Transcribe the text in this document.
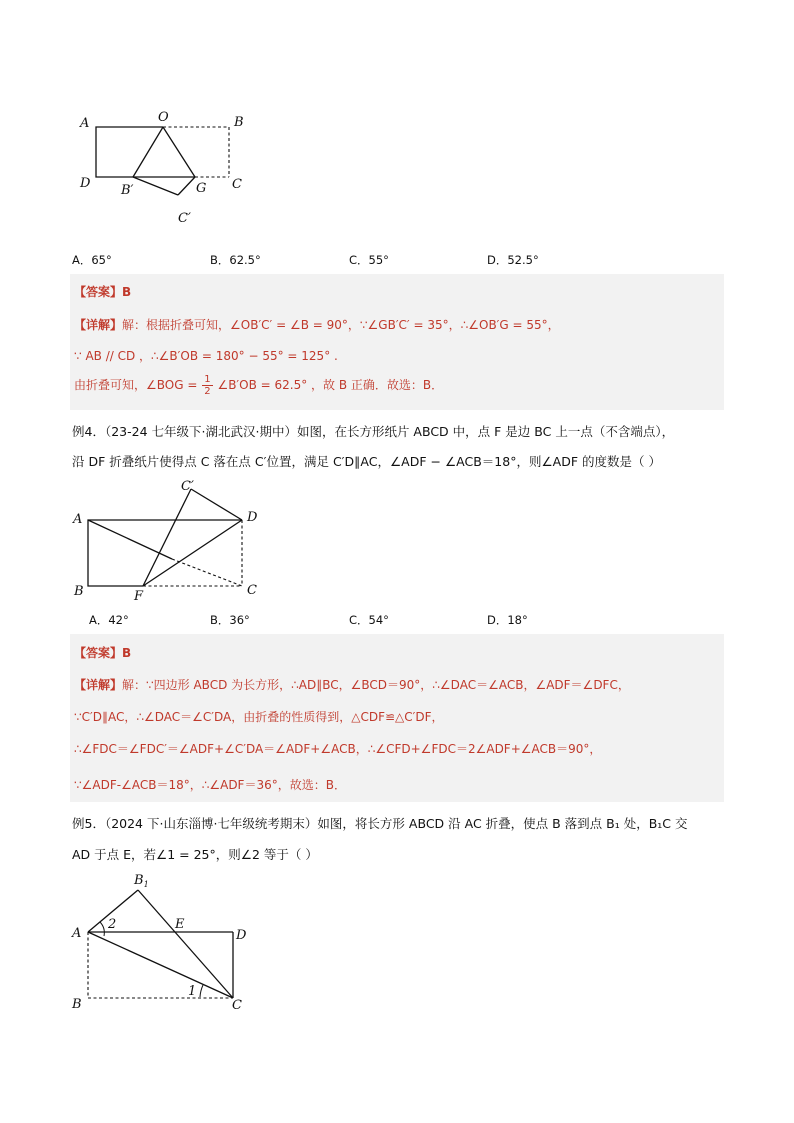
A	O	B
D B′	G C
C′
A．65°	B．62.5°	C．55°	D．52.5°
【答案】B
【详解】解：根据折叠可知，∠OB′C′ = ∠B = 90°，∵∠GB′C′ = 35°，∴∠OB′G = 55°，
∵ AB // CD ，∴∠B′OB = 180° − 55° = 125° .
由折叠可知，∠BOG = $\frac{1}{2}$ ∠B′OB = 62.5° ，故 B 正确．故选：B．
例4．（23-24 七年级下·湖北武汉·期中）如图，在长方形纸片 ABCD 中，点 F 是边 BC 上一点（不含端点），
沿 DF 折叠纸片使得点 C 落在点 C′位置，满足 C′D∥AC，∠ADF − ∠ACB＝18°，则∠ADF 的度数是（ ）
A	D
C′
B	F	C
A．42°	B．36°	C．54°	D．18°
【答案】B
【详解】解：∵四边形 ABCD 为长方形，∴AD∥BC，∠BCD＝90°，∴∠DAC＝∠ACB，∠ADF＝∠DFC，
∵C′D∥AC，∴∠DAC＝∠C′DA，由折叠的性质得到，△CDF≌△C′DF，
∴∠FDC＝∠FDC′＝∠ADF+∠C′DA＝∠ADF+∠ACB，∴∠CFD+∠FDC＝2∠ADF+∠ACB＝90°，
∵∠ADF-∠ACB＝18°，∴∠ADF＝36°，故选：B．
例5．（2024 下·山东淄博·七年级统考期末）如图，将长方形 ABCD 沿 AC 折叠，使点 B 落到点 B₁ 处，B₁C 交
AD 于点 E，若∠1 = 25°，则∠2 等于（ ）
$B_1$
A
2	E
D
1
B	C
